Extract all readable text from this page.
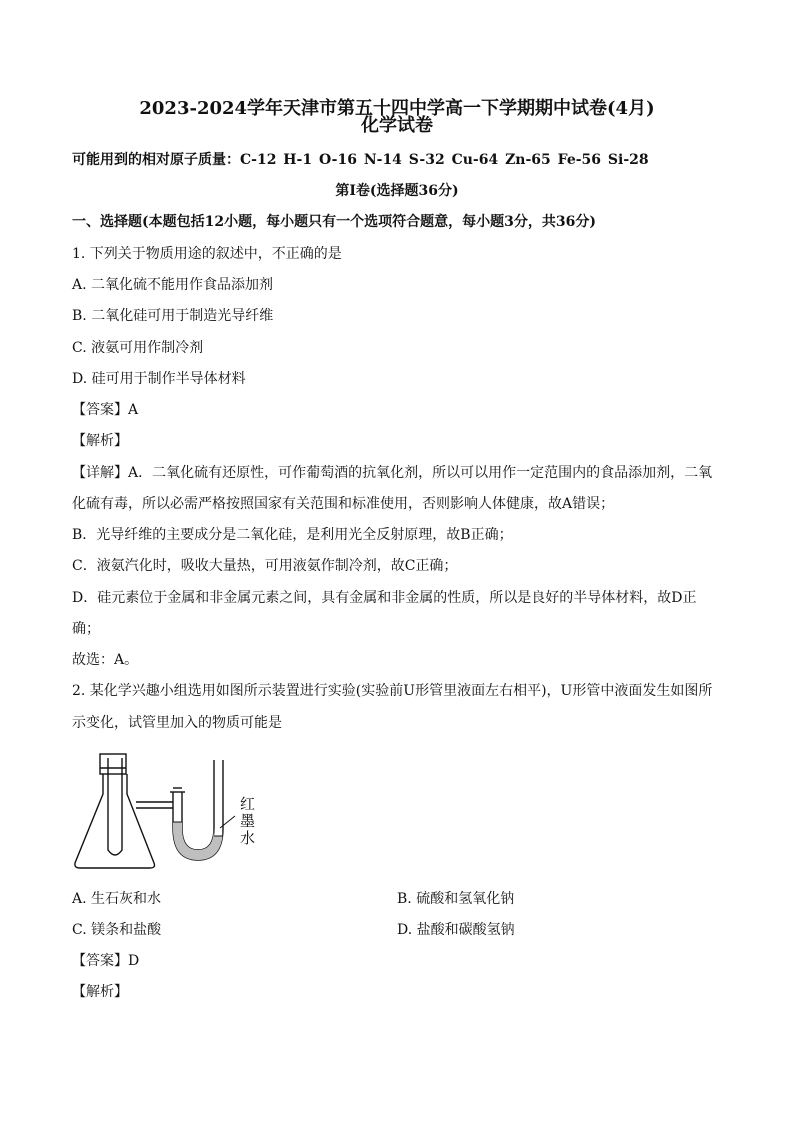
2023-2024学年天津市第五十四中学高一下学期期中试卷(4月)
化学试卷
可能用到的相对原子质量：C-12 H-1 O-16 N-14 S-32 Cu-64 Zn-65 Fe-56 Si-28
第Ⅰ卷(选择题36分)
一、选择题(本题包括12小题，每小题只有一个选项符合题意，每小题3分，共36分)
1. 下列关于物质用途的叙述中，不正确的是
A. 二氧化硫不能用作食品添加剂
B. 二氧化硅可用于制造光导纤维
C. 液氨可用作制冷剂
D. 硅可用于制作半导体材料
【答案】A
【解析】
【详解】A．二氧化硫有还原性，可作葡萄酒的抗氧化剂，所以可以用作一定范围内的食品添加剂，二氧
化硫有毒，所以必需严格按照国家有关范围和标准使用，否则影响人体健康，故A错误；
B．光导纤维的主要成分是二氧化硅，是利用光全反射原理，故B正确；
C．液氨汽化时，吸收大量热，可用液氨作制冷剂，故C正确；
D．硅元素位于金属和非金属元素之间，具有金属和非金属的性质，所以是良好的半导体材料，故D正
确；
故选：A。
2. 某化学兴趣小组选用如图所示装置进行实验(实验前U形管里液面左右相平)，U形管中液面发生如图所
示变化，试管里加入的物质可能是
红
墨
水
A. 生石灰和水	B. 硫酸和氢氧化钠
C. 镁条和盐酸	D. 盐酸和碳酸氢钠
【答案】D
【解析】
